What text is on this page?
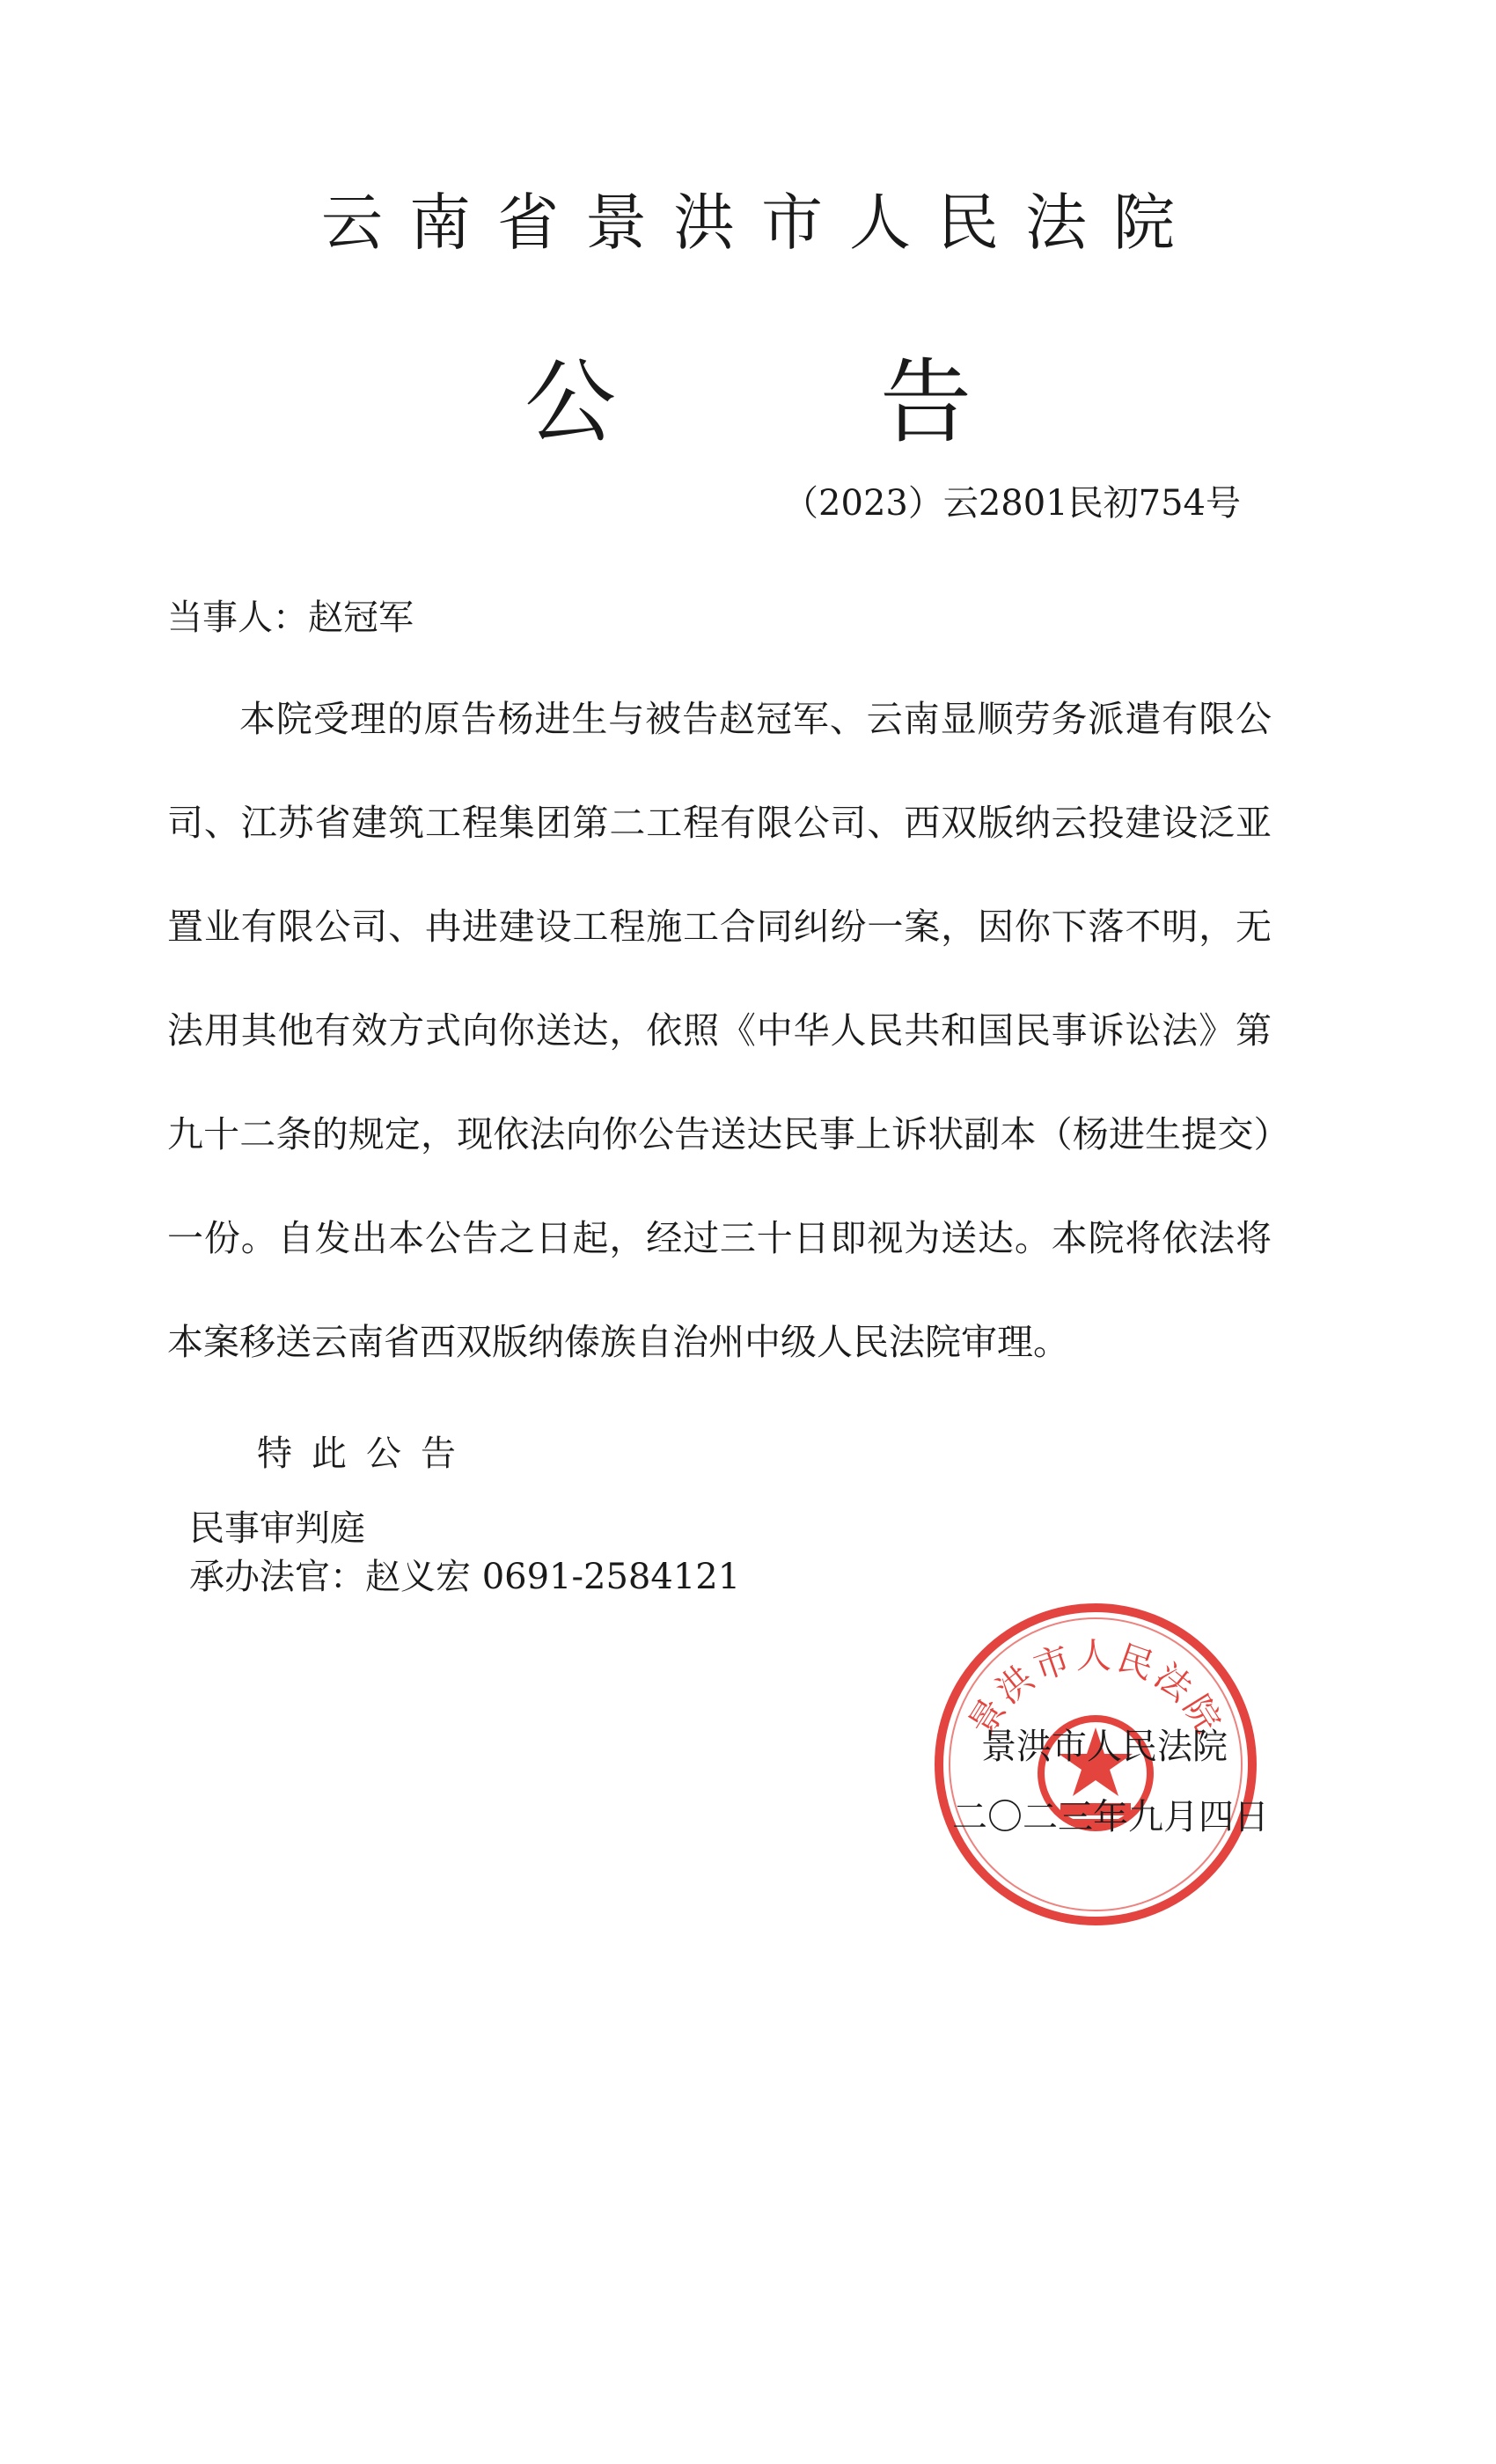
云南省景洪市人民法院
公告
（2023）云2801民初754号
当事人：赵冠军

本院受理的原告杨进生与被告赵冠军、云南显顺劳务派遣有限公司、江苏省建筑工程集团第二工程有限公司、西双版纳云投建设泛亚置业有限公司、冉进建设工程施工合同纠纷一案，因你下落不明，无法用其他有效方式向你送达，依照《中华人民共和国民事诉讼法》第九十二条的规定，现依法向你公告送达民事上诉状副本（杨进生提交）一份。自发出本公告之日起，经过三十日即视为送达。本院将依法将本案移送云南省西双版纳傣族自治州中级人民法院审理。

特此公告
民事审判庭
承办法官：赵义宏 0691-2584121
景洪市人民法院
景洪市人民法院
二〇二三年九月四日
